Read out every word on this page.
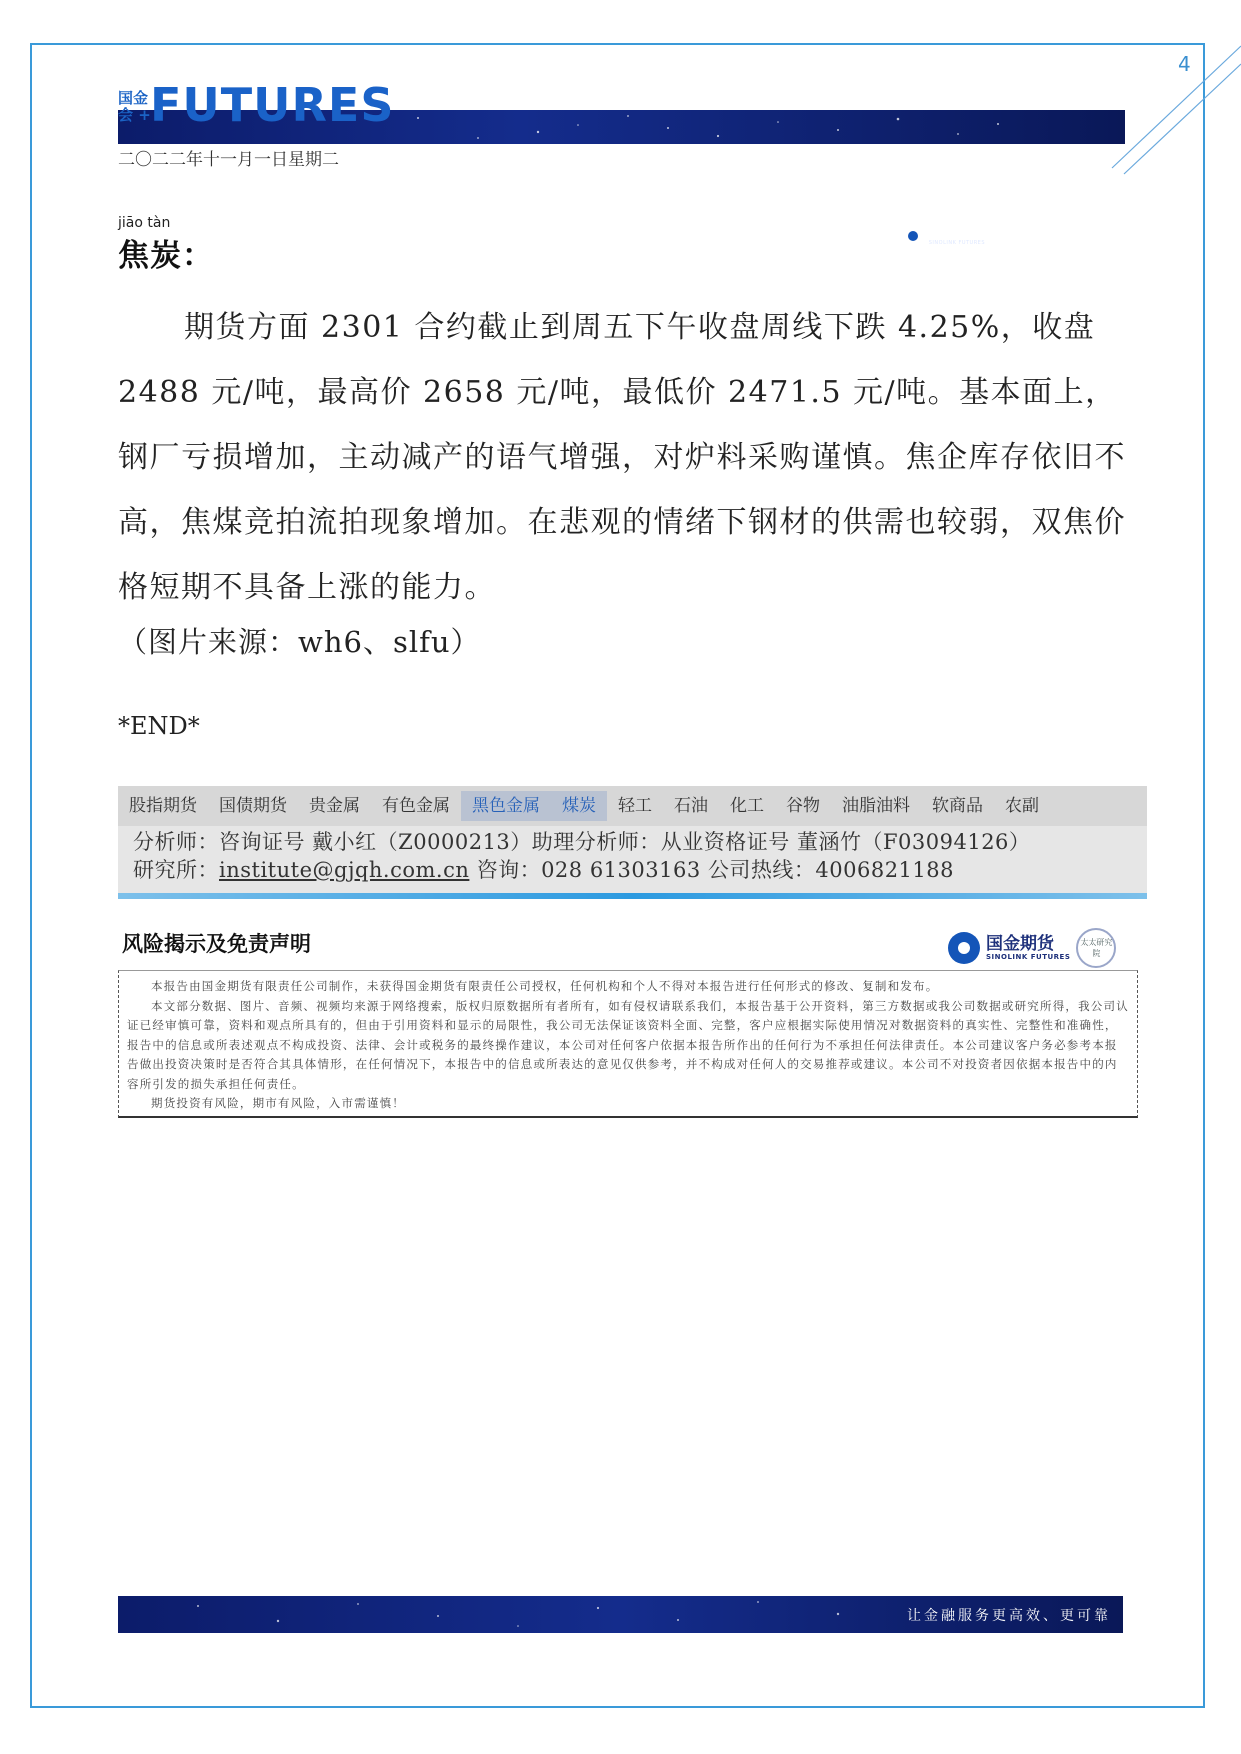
4
国金期货
SINOLINK FUTURES
国金
会 + FUTURES
二〇二二年十一月一日星期二
jiāo tàn
焦炭：

期货方面 2301 合约截止到周五下午收盘周线下跌 4.25%，收盘 2488 元/吨，最高价 2658 元/吨，最低价 2471.5 元/吨。基本面上，钢厂亏损增加，主动减产的语气增强，对炉料采购谨慎。焦企库存依旧不高，焦煤竞拍流拍现象增加。在悲观的情绪下钢材的供需也较弱，双焦价格短期不具备上涨的能力。

（图片来源：wh6、slfu）
*END*
股指期货	国债期货	贵金属	有色金属	黑色金属	煤炭	轻工	石油	化工	谷物	油脂油料	软商品	农副
分析师：咨询证号 戴小红（Z0000213）助理分析师：从业资格证号 董涵竹（F03094126）
研究所：institute@gjqh.com.cn 咨询：028 61303163 公司热线：4006821188
风险揭示及免责声明	国金期货
SINOLINK FUTURES
太太研究院

本报告由国金期货有限责任公司制作，未获得国金期货有限责任公司授权，任何机构和个人不得对本报告进行任何形式的修改、复制和发布。

本文部分数据、图片、音频、视频均来源于网络搜索，版权归原数据所有者所有，如有侵权请联系我们，本报告基于公开资料，第三方数据或我公司数据或研究所得，我公司认证已经审慎可靠，资料和观点所具有的，但由于引用资料和显示的局限性，我公司无法保证该资料全面、完整，客户应根据实际使用情况对数据资料的真实性、完整性和准确性，报告中的信息或所表述观点不构成投资、法律、会计或税务的最终操作建议，本公司对任何客户依据本报告所作出的任何行为不承担任何法律责任。本公司建议客户务必参考本报告做出投资决策时是否符合其具体情形，在任何情况下，本报告中的信息或所表达的意见仅供参考，并不构成对任何人的交易推荐或建议。本公司不对投资者因依据本报告中的内容所引发的损失承担任何责任。

期货投资有风险，期市有风险，入市需谨慎！

让金融服务更高效、更可靠
